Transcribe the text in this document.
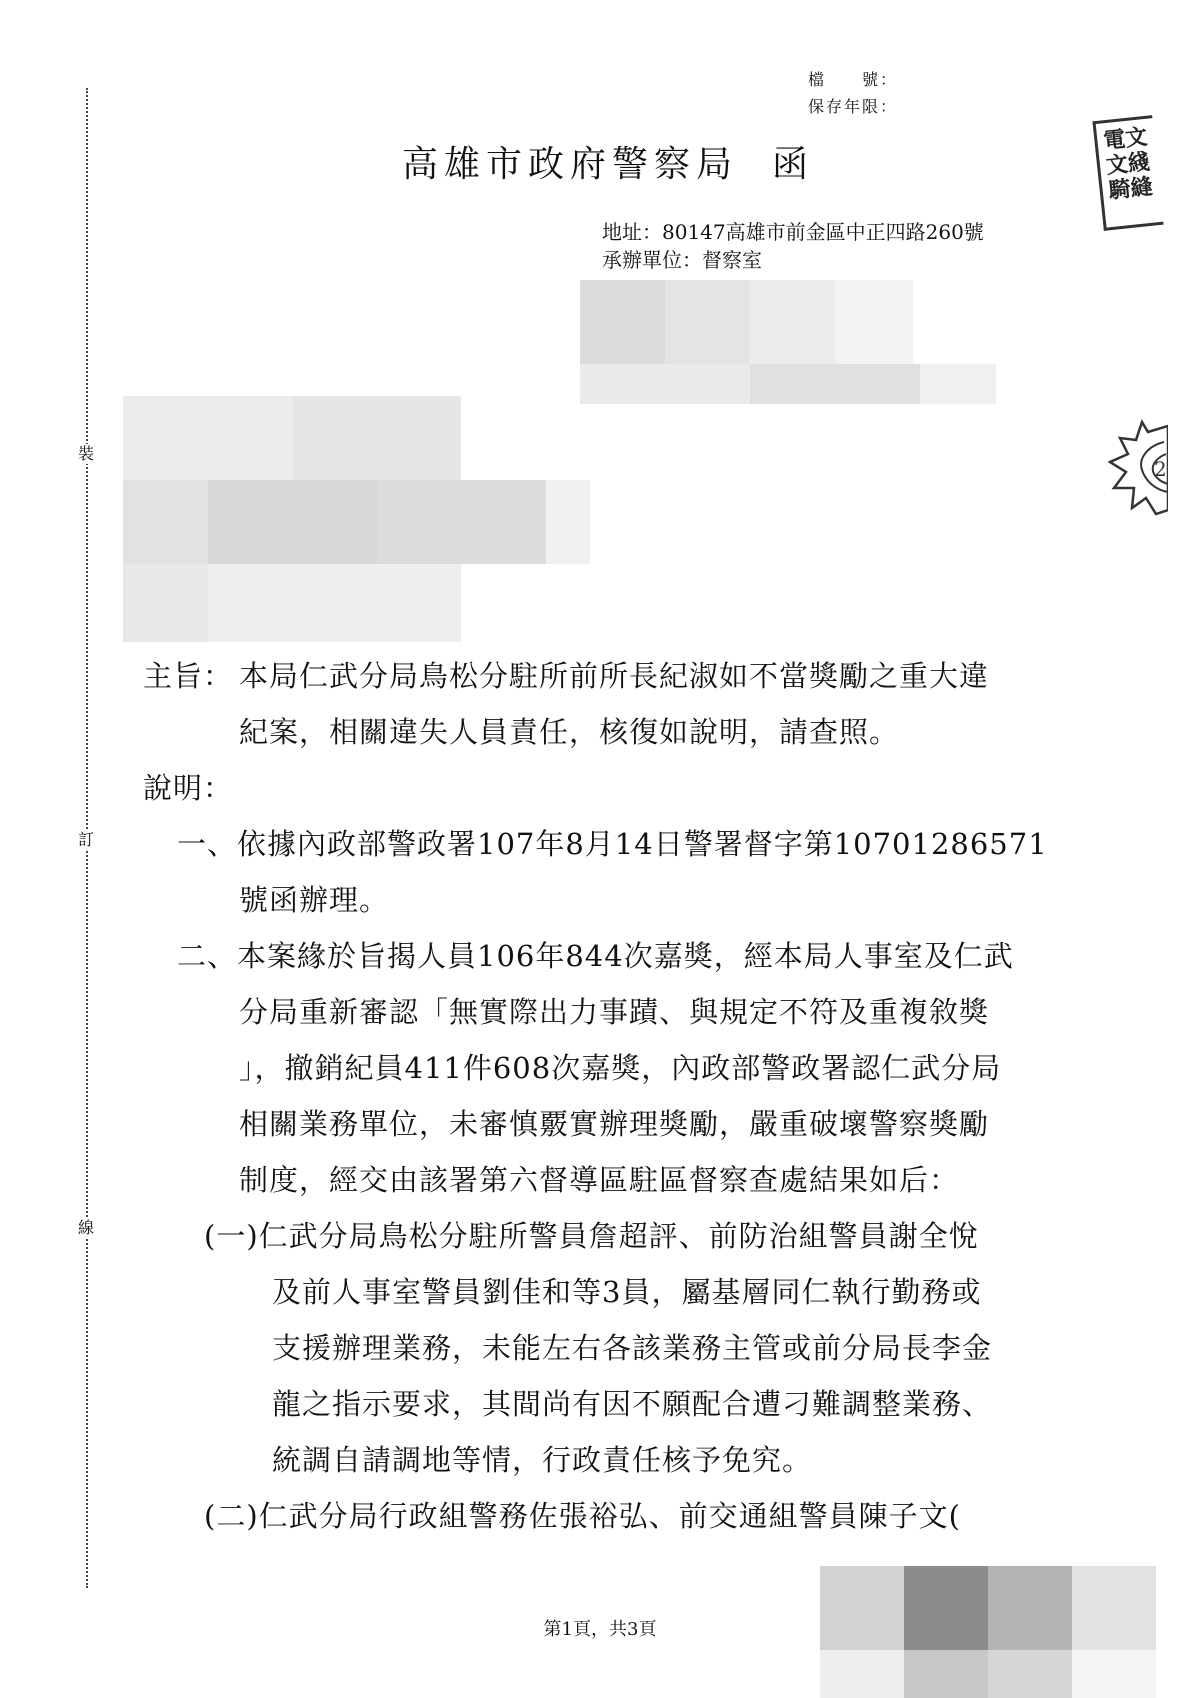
裝
訂
線
檔　　號：
保存年限：
高雄市政府警察局 函
地址：80147高雄市前金區中正四路260號
承辦單位：督察室
電文
文綫
騎縫
2
主旨： 本局仁武分局鳥松分駐所前所長紀淑如不當獎勵之重大違
紀案，相關違失人員責任，核復如說明，請查照。
說明：
一、依據內政部警政署107年8月14日警署督字第10701286571
號函辦理。
二、本案緣於旨揭人員106年844次嘉獎，經本局人事室及仁武
分局重新審認「無實際出力事蹟、與規定不符及重複敘獎
」，撤銷紀員411件608次嘉獎，內政部警政署認仁武分局
相關業務單位，未審慎覈實辦理獎勵，嚴重破壞警察獎勵
制度，經交由該署第六督導區駐區督察查處結果如后：
(一)仁武分局鳥松分駐所警員詹超評、前防治組警員謝全悅
及前人事室警員劉佳和等3員，屬基層同仁執行勤務或
支援辦理業務，未能左右各該業務主管或前分局長李金
龍之指示要求，其間尚有因不願配合遭刁難調整業務、
統調自請調地等情，行政責任核予免究。
(二)仁武分局行政組警務佐張裕弘、前交通組警員陳子文(
第1頁，共3頁
